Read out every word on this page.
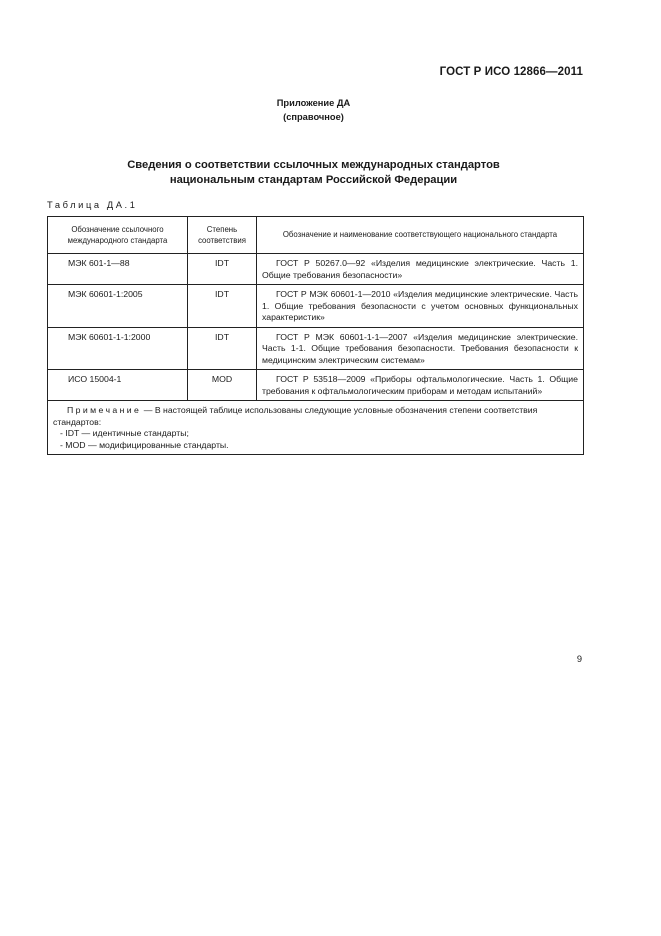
ГОСТ Р ИСО 12866—2011
Приложение ДА
(справочное)
Сведения о соответствии ссылочных международных стандартов
национальным стандартам Российской Федерации
Таблица ДА.1
Обозначение ссылочного международного стандарта	Степень соответствия	Обозначение и наименование соответствующего национального стандарта
МЭК 601-1—88	IDT	ГОСТ Р 50267.0—92 «Изделия медицинские электрические. Часть 1. Общие требования безопасности»
МЭК 60601-1:2005	IDT	ГОСТ Р МЭК 60601-1—2010 «Изделия медицинские электрические. Часть 1. Общие требования безопасности с учетом основных функциональных характеристик»
МЭК 60601-1-1:2000	IDT	ГОСТ Р МЭК 60601-1-1—2007 «Изделия медицинские электрические. Часть 1-1. Общие требования безопасности. Требования безопасности к медицинским электрическим системам»
ИСО 15004-1	MOD	ГОСТ Р 53518—2009 «Приборы офтальмологические. Часть 1. Общие требования к офтальмологическим приборам и методам испытаний»

Примечание — В настоящей таблице использованы следующие условные обозначения степени соответствия стандартов:
- IDT — идентичные стандарты;
- MOD — модифицированные стандарты.		
9
